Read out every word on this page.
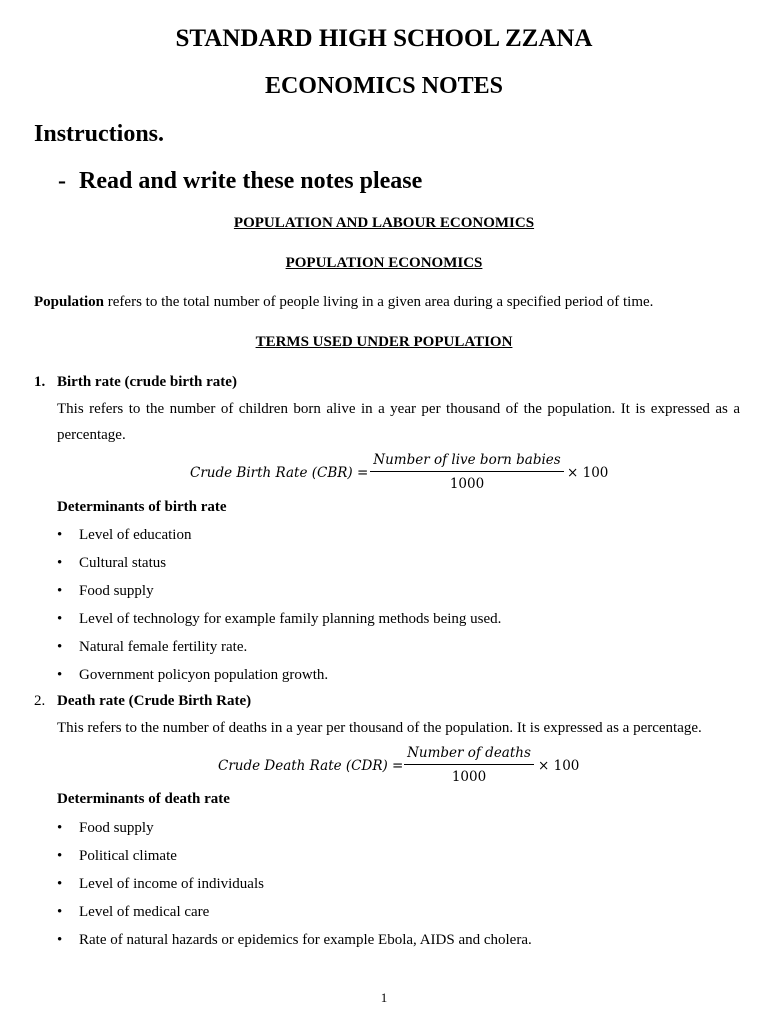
STANDARD HIGH SCHOOL ZZANA
ECONOMICS NOTES
Instructions.
- Read and write these notes please
POPULATION AND LABOUR ECONOMICS
POPULATION ECONOMICS
Population refers to the total number of people living in a given area during a specified period of time.
TERMS USED UNDER POPULATION
1. Birth rate (crude birth rate)
This refers to the number of children born alive in a year per thousand of the population. It is expressed as a
percentage.
Crude Birth Rate (CBR) =
Number of live born babies
1000
× 100
Determinants of birth rate
• Level of education
• Cultural status
• Food supply
• Level of technology for example family planning methods being used.
• Natural female fertility rate.
• Government policyon population growth.
2. Death rate (Crude Birth Rate)
This refers to the number of deaths in a year per thousand of the population. It is expressed as a percentage.
Crude Death Rate (CDR) =
Number of deaths
1000
× 100
Determinants of death rate
• Food supply
• Political climate
• Level of income of individuals
• Level of medical care
• Rate of natural hazards or epidemics for example Ebola, AIDS and cholera.
1
